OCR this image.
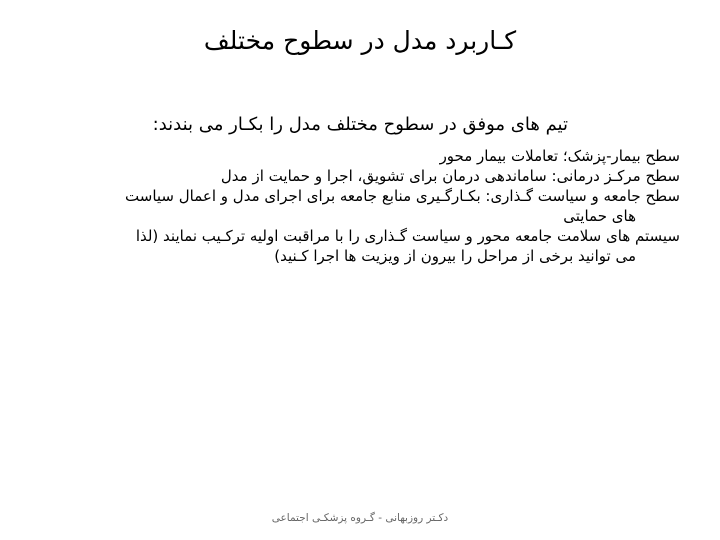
کـاربرد مدل در سطوح مختلف
تیم های موفق در سطوح مختلف مدل را بکـار می بندند:

سطح بیمار-پزشک؛ تعاملات بیمار محور

سطح مرکـز درمانی: ساماندهی درمان برای تشویق، اجرا و حمایت از مدل

سطح جامعه و سیاست گـذاری: بکـارگـیری منابع جامعه برای اجرای مدل و اعمال سیاست

های حمایتی

سیستم های سلامت جامعه محور و سیاست گـذاری را با مراقبت اولیه ترکـیب نمایند (لذا

می توانید برخی از مراحل را بیرون از ویزیت ها اجرا کـنید)

دکـتر روزبهانی - گـروه پزشکـی اجتماعی
